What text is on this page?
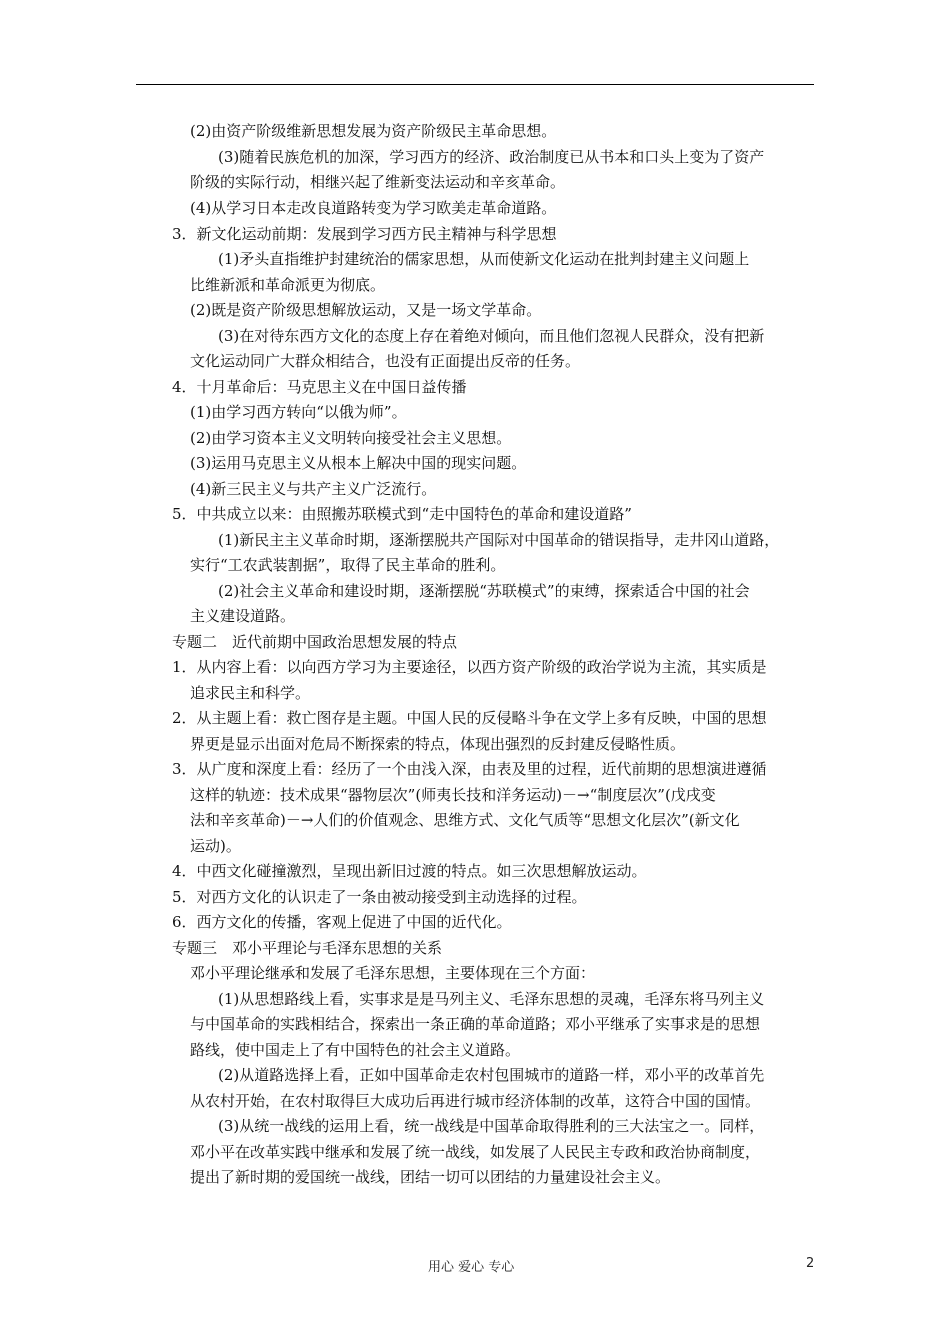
(2)由资产阶级维新思想发展为资产阶级民主革命思想。
(3)随着民族危机的加深，学习西方的经济、政治制度已从书本和口头上变为了资产
阶级的实际行动，相继兴起了维新变法运动和辛亥革命。
(4)从学习日本走改良道路转变为学习欧美走革命道路。
3．新文化运动前期：发展到学习西方民主精神与科学思想
(1)矛头直指维护封建统治的儒家思想，从而使新文化运动在批判封建主义问题上
比维新派和革命派更为彻底。
(2)既是资产阶级思想解放运动，又是一场文学革命。
(3)在对待东西方文化的态度上存在着绝对倾向，而且他们忽视人民群众，没有把新
文化运动同广大群众相结合，也没有正面提出反帝的任务。
4．十月革命后：马克思主义在中国日益传播
(1)由学习西方转向“以俄为师”。
(2)由学习资本主义文明转向接受社会主义思想。
(3)运用马克思主义从根本上解决中国的现实问题。
(4)新三民主义与共产主义广泛流行。
5．中共成立以来：由照搬苏联模式到“走中国特色的革命和建设道路”
(1)新民主主义革命时期，逐渐摆脱共产国际对中国革命的错误指导，走井冈山道路，
实行“工农武装割据”，取得了民主革命的胜利。
(2)社会主义革命和建设时期，逐渐摆脱“苏联模式”的束缚，探索适合中国的社会
主义建设道路。
专题二　近代前期中国政治思想发展的特点
1．从内容上看：以向西方学习为主要途径，以西方资产阶级的政治学说为主流，其实质是
追求民主和科学。
2．从主题上看：救亡图存是主题。中国人民的反侵略斗争在文学上多有反映，中国的思想
界更是显示出面对危局不断探索的特点，体现出强烈的反封建反侵略性质。
3．从广度和深度上看：经历了一个由浅入深，由表及里的过程，近代前期的思想演进遵循
这样的轨迹：技术成果“器物层次”(师夷长技和洋务运动)－→“制度层次”(戊戌变
法和辛亥革命)－→人们的价值观念、思维方式、文化气质等“思想文化层次”(新文化
运动)。
4．中西文化碰撞激烈，呈现出新旧过渡的特点。如三次思想解放运动。
5．对西方文化的认识走了一条由被动接受到主动选择的过程。
6．西方文化的传播，客观上促进了中国的近代化。
专题三　邓小平理论与毛泽东思想的关系
邓小平理论继承和发展了毛泽东思想，主要体现在三个方面：
(1)从思想路线上看，实事求是是马列主义、毛泽东思想的灵魂，毛泽东将马列主义
与中国革命的实践相结合，探索出一条正确的革命道路；邓小平继承了实事求是的思想
路线，使中国走上了有中国特色的社会主义道路。
(2)从道路选择上看，正如中国革命走农村包围城市的道路一样，邓小平的改革首先
从农村开始，在农村取得巨大成功后再进行城市经济体制的改革，这符合中国的国情。
(3)从统一战线的运用上看，统一战线是中国革命取得胜利的三大法宝之一。同样，
邓小平在改革实践中继承和发展了统一战线，如发展了人民民主专政和政治协商制度，
提出了新时期的爱国统一战线，团结一切可以团结的力量建设社会主义。
用心 爱心 专心	2
